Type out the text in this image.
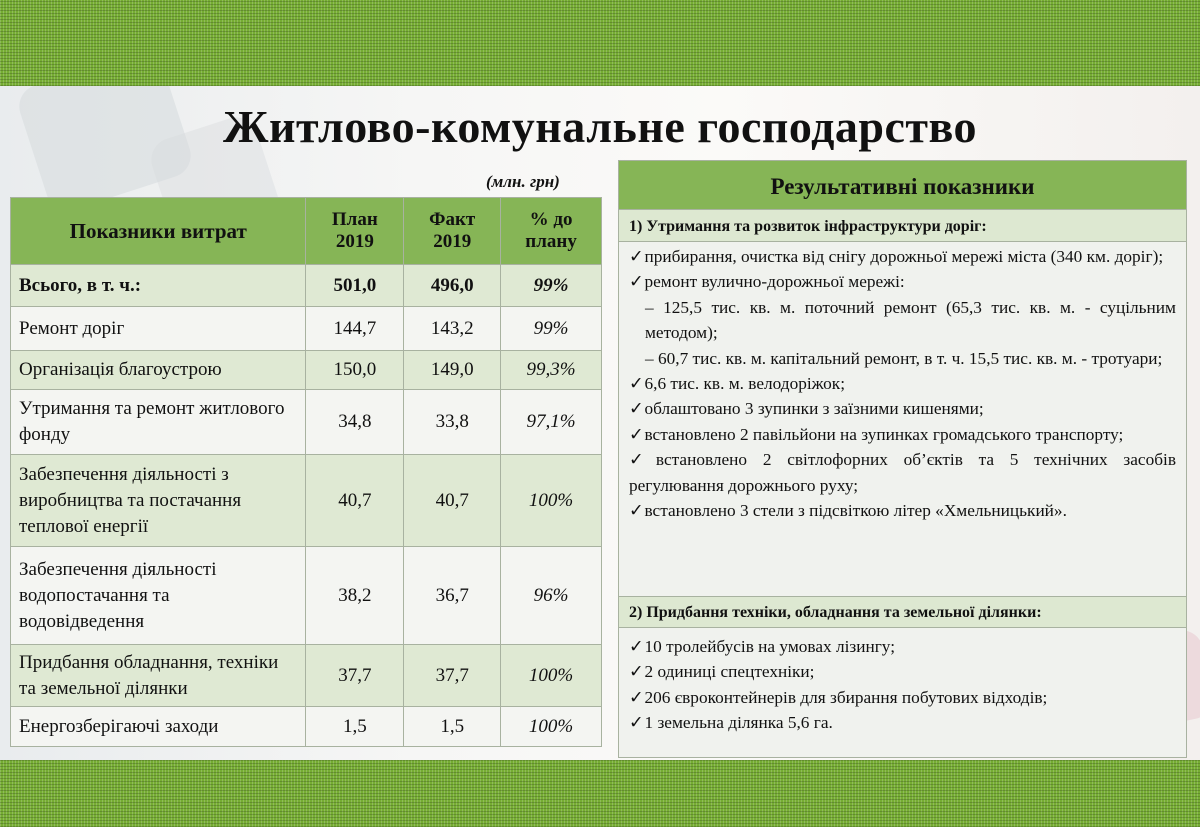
Житлово-комунальне господарство
(млн. грн)
Показники витрат	План 2019	Факт 2019	% до плану
Всього, в т. ч.:	501,0	496,0	99%
Ремонт доріг	144,7	143,2	99%
Організація благоустрою	150,0	149,0	99,3%
Утримання та ремонт житлового фонду	34,8	33,8	97,1%
Забезпечення діяльності з виробництва та постачання теплової енергії	40,7	40,7	100%
Забезпечення діяльності водопостачання та водовідведення	38,2	36,7	96%
Придбання обладнання, техніки та земельної ділянки	37,7	37,7	100%
Енергозберігаючі заходи	1,5	1,5	100%
Результативні показники
1) Утримання та розвиток інфраструктури доріг:
✓прибирання, очистка від снігу дорожньої мережі міста (340 км. доріг);
✓ремонт вулично-дорожньої мережі:
– 125,5 тис. кв. м. поточний ремонт (65,3 тис. кв. м. - суцільним методом);
– 60,7 тис. кв. м. капітальний ремонт, в т. ч. 15,5 тис. кв. м. - тротуари;
✓6,6 тис. кв. м. велодоріжок;
✓облаштовано 3 зупинки з заїзними кишенями;
✓встановлено 2 павільйони на зупинках громадського транспорту;
✓встановлено 2 світлофорних об’єктів та 5 технічних засобів регулювання дорожнього руху;
✓встановлено 3 стели з підсвіткою літер «Хмельницький».
2) Придбання техніки, обладнання та земельної ділянки:
✓10 тролейбусів на умовах лізингу;
✓2 одиниці спецтехніки;
✓206 євроконтейнерів для збирання побутових відходів;
✓1 земельна ділянка 5,6 га.
